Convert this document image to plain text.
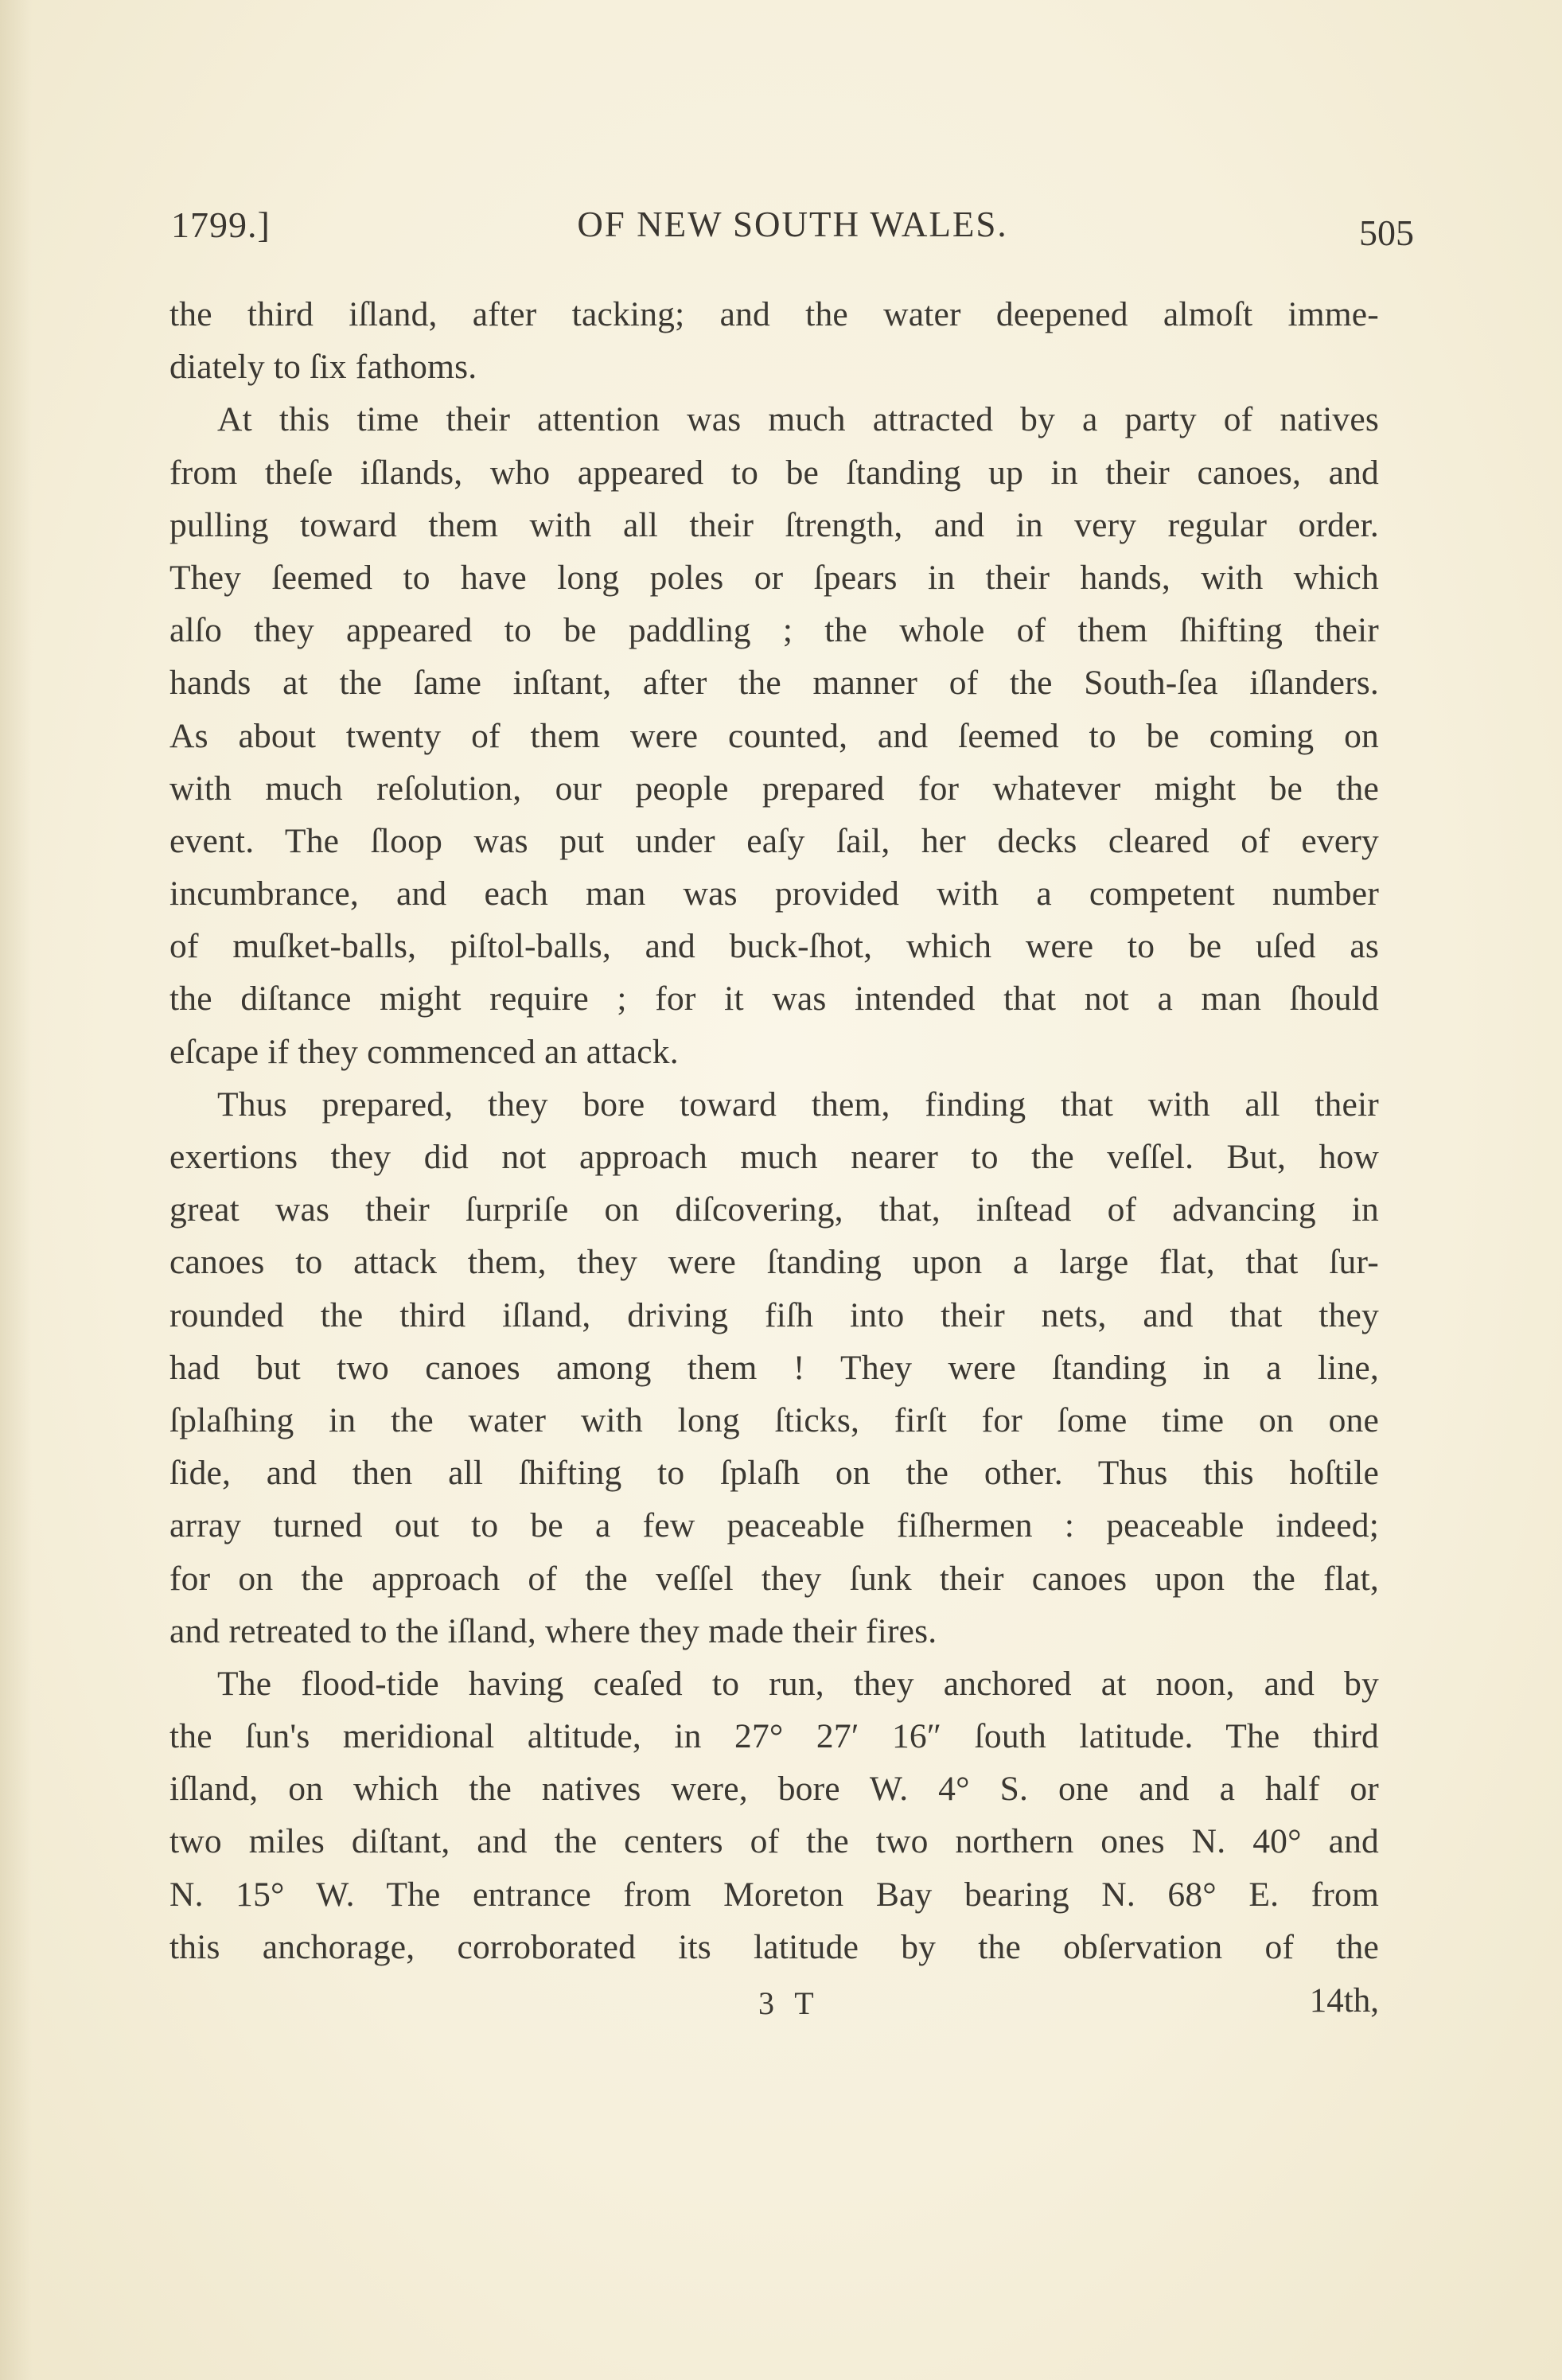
1799.]	OF NEW SOUTH WALES.	505
the third iſland, after tacking; and the water deepened almoſt imme-
diately to ſix fathoms.
At this time their attention was much attracted by a party of natives
from theſe iſlands, who appeared to be ſtanding up in their canoes, and
pulling toward them with all their ſtrength, and in very regular order.
They ſeemed to have long poles or ſpears in their hands, with which
alſo they appeared to be paddling ; the whole of them ſhifting their
hands at the ſame inſtant, after the manner of the South-ſea iſlanders.
As about twenty of them were counted, and ſeemed to be coming on
with much reſolution, our people prepared for whatever might be the
event. The ſloop was put under eaſy ſail, her decks cleared of every
incumbrance, and each man was provided with a competent number
of muſket-balls, piſtol-balls, and buck-ſhot, which were to be uſed as
the diſtance might require ; for it was intended that not a man ſhould
eſcape if they commenced an attack.
Thus prepared, they bore toward them, finding that with all their
exertions they did not approach much nearer to the veſſel. But, how
great was their ſurpriſe on diſcovering, that, inſtead of advancing in
canoes to attack them, they were ſtanding upon a large flat, that ſur-
rounded the third iſland, driving fiſh into their nets, and that they
had but two canoes among them ! They were ſtanding in a line,
ſplaſhing in the water with long ſticks, firſt for ſome time on one
ſide, and then all ſhifting to ſplaſh on the other. Thus this hoſtile
array turned out to be a few peaceable fiſhermen : peaceable indeed;
for on the approach of the veſſel they ſunk their canoes upon the flat,
and retreated to the iſland, where they made their fires.
The flood-tide having ceaſed to run, they anchored at noon, and by
the ſun's meridional altitude, in 27° 27′ 16″ ſouth latitude. The third
iſland, on which the natives were, bore W. 4° S. one and a half or
two miles diſtant, and the centers of the two northern ones N. 40° and
N. 15° W. The entrance from Moreton Bay bearing N. 68° E. from
this anchorage, corroborated its latitude by the obſervation of the
3 T	14th,
